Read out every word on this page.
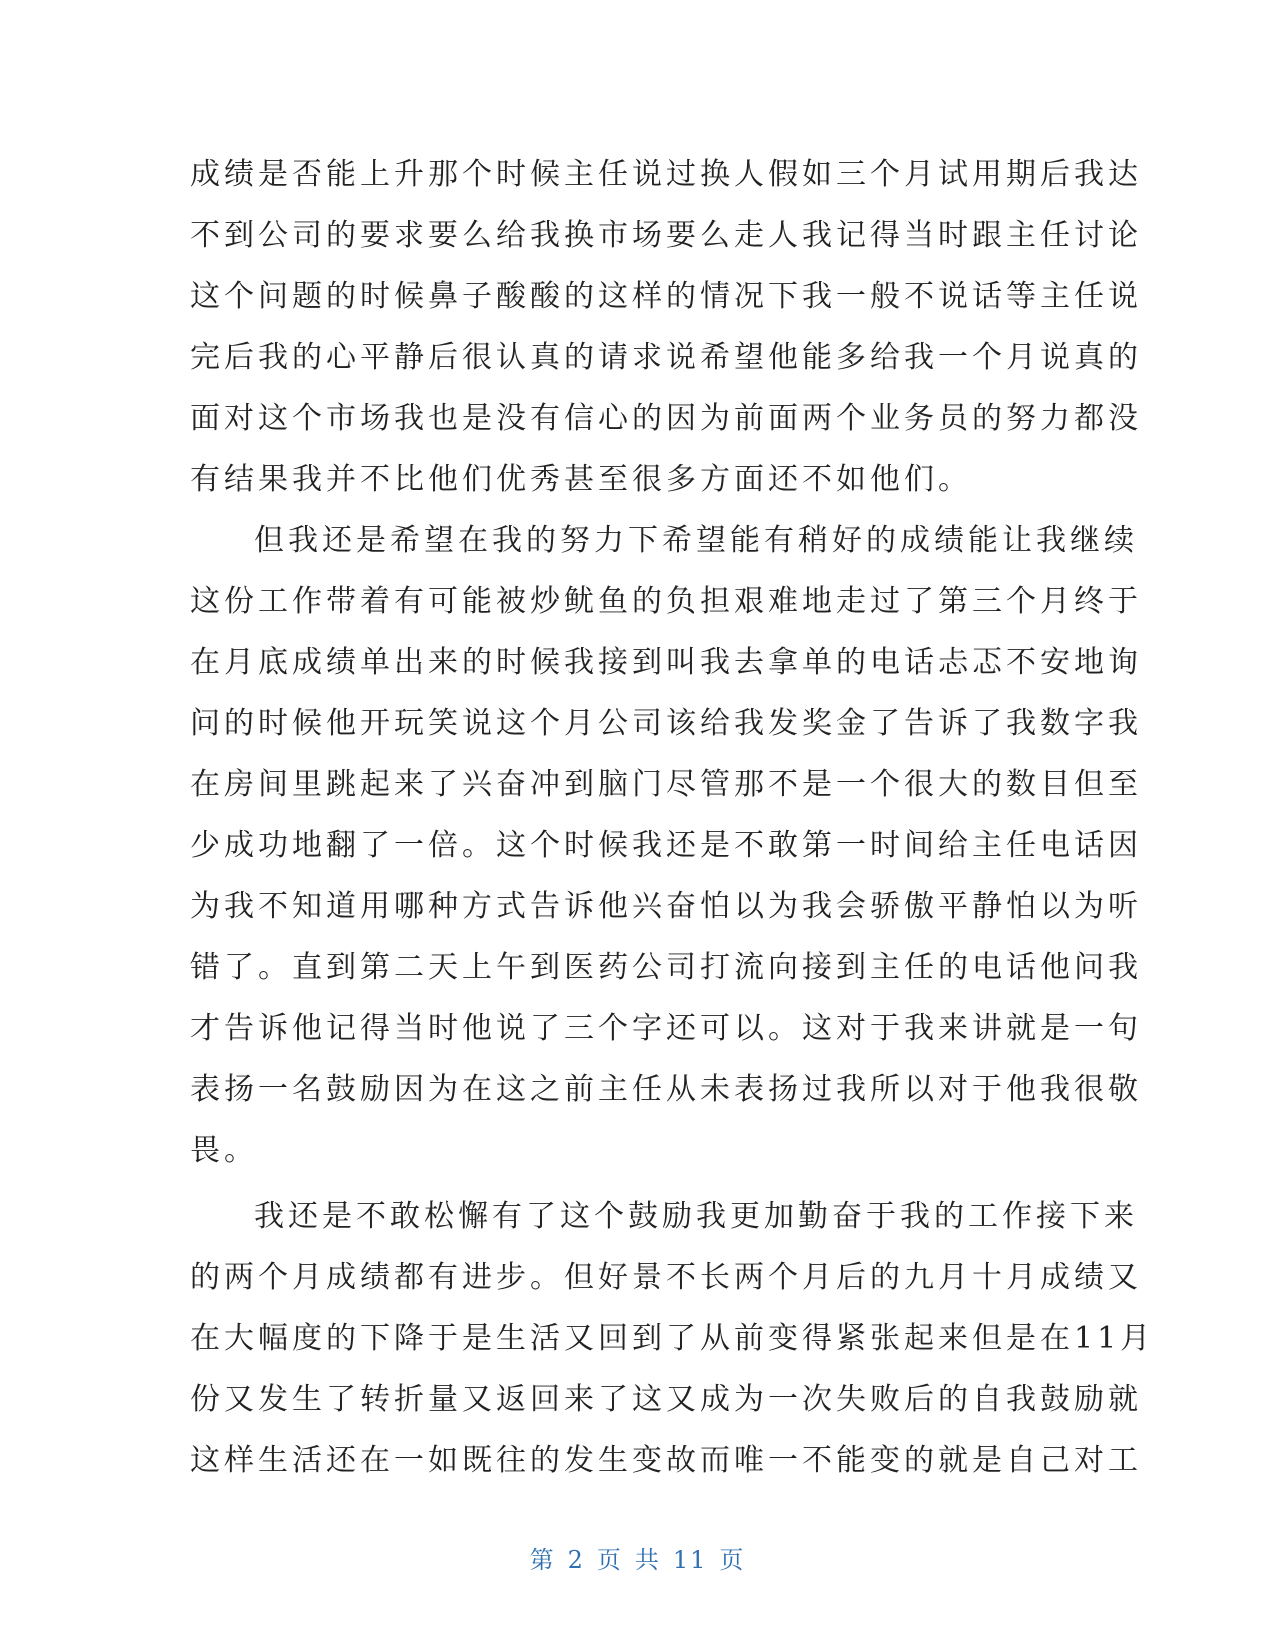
成绩是否能上升那个时候主任说过换人假如三个月试用期后我达
不到公司的要求要么给我换市场要么走人我记得当时跟主任讨论
这个问题的时候鼻子酸酸的这样的情况下我一般不说话等主任说
完后我的心平静后很认真的请求说希望他能多给我一个月说真的
面对这个市场我也是没有信心的因为前面两个业务员的努力都没
有结果我并不比他们优秀甚至很多方面还不如他们。
但我还是希望在我的努力下希望能有稍好的成绩能让我继续
这份工作带着有可能被炒鱿鱼的负担艰难地走过了第三个月终于
在月底成绩单出来的时候我接到叫我去拿单的电话忐忑不安地询
问的时候他开玩笑说这个月公司该给我发奖金了告诉了我数字我
在房间里跳起来了兴奋冲到脑门尽管那不是一个很大的数目但至
少成功地翻了一倍。这个时候我还是不敢第一时间给主任电话因
为我不知道用哪种方式告诉他兴奋怕以为我会骄傲平静怕以为听
错了。直到第二天上午到医药公司打流向接到主任的电话他问我
才告诉他记得当时他说了三个字还可以。这对于我来讲就是一句
表扬一名鼓励因为在这之前主任从未表扬过我所以对于他我很敬
畏。
我还是不敢松懈有了这个鼓励我更加勤奋于我的工作接下来
的两个月成绩都有进步。但好景不长两个月后的九月十月成绩又
在大幅度的下降于是生活又回到了从前变得紧张起来但是在11月
份又发生了转折量又返回来了这又成为一次失败后的自我鼓励就
这样生活还在一如既往的发生变故而唯一不能变的就是自己对工
第 2 页 共 11 页
